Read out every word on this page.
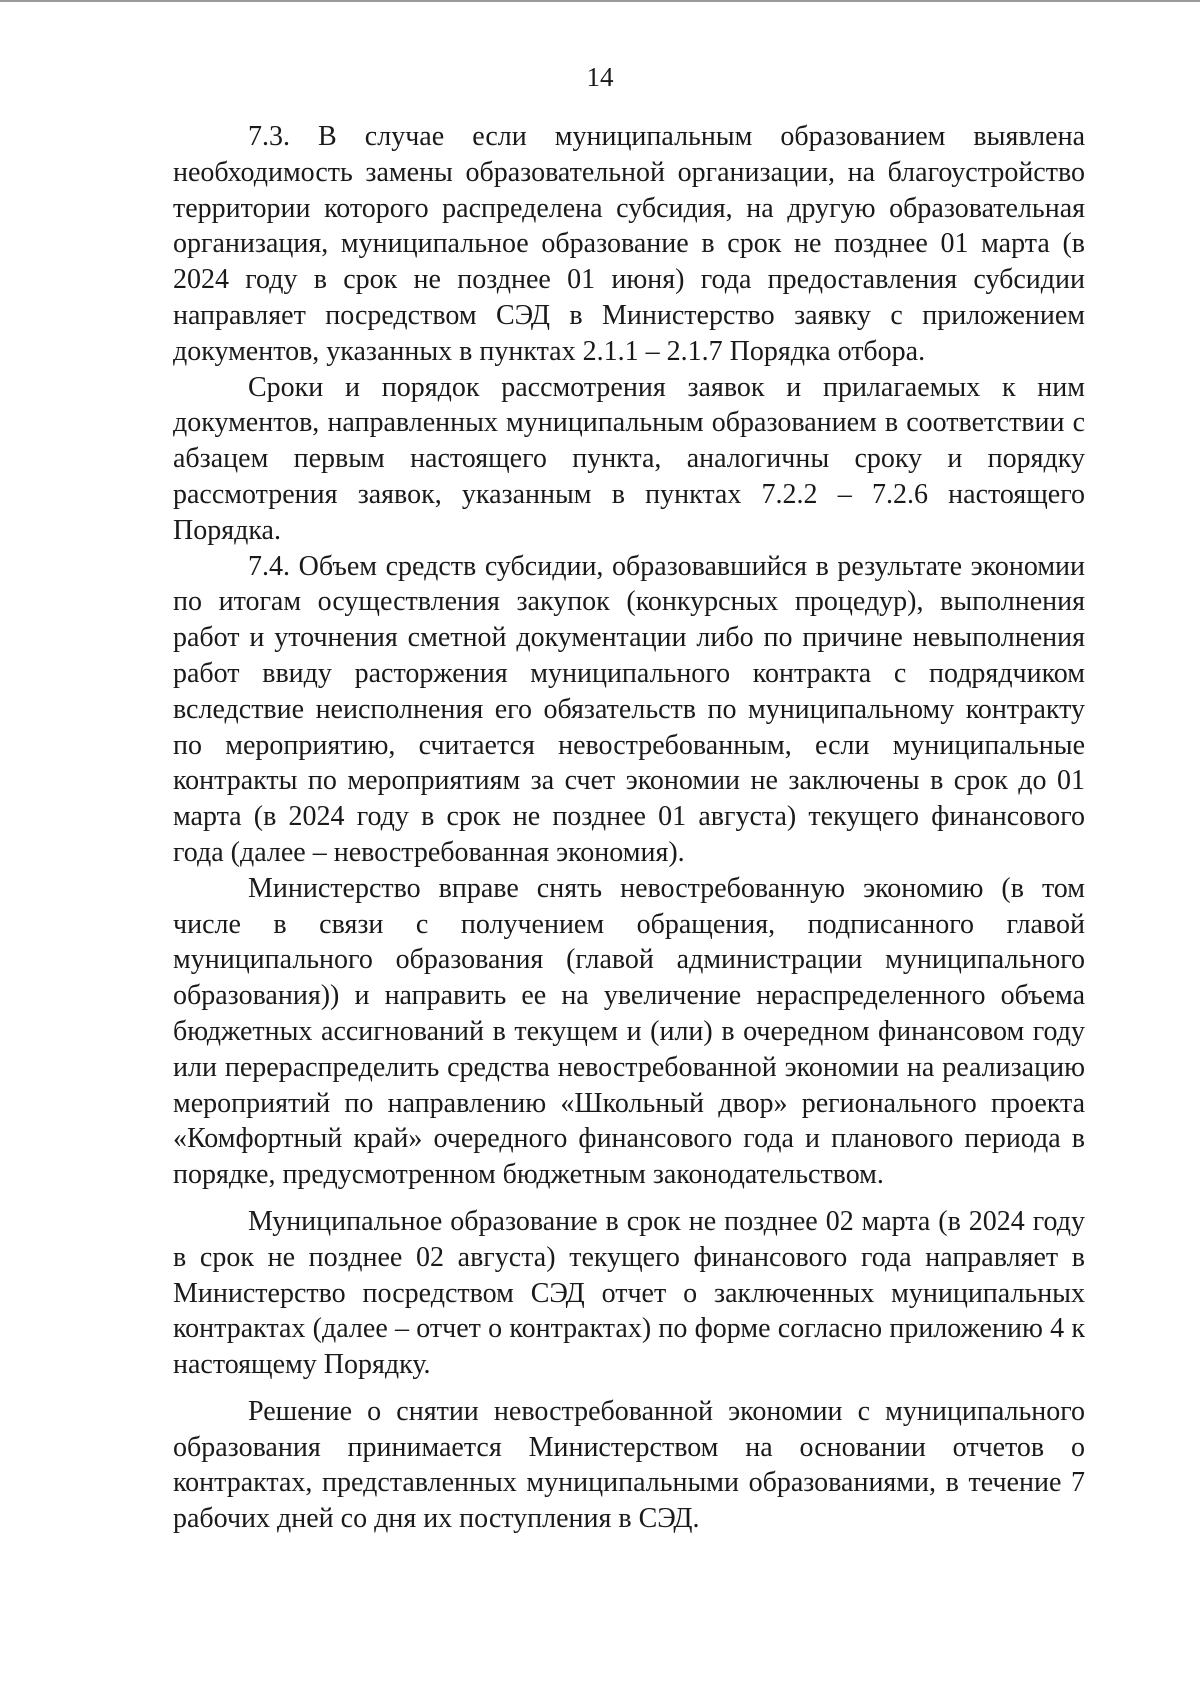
14

7.3. В случае если муниципальным образованием выявлена необходимость замены образовательной организации, на благоустройство территории которого распределена субсидия, на другую образовательная организация, муниципальное образование в срок не позднее 01 марта (в 2024 году в срок не позднее 01 июня) года предоставления субсидии направляет посредством СЭД в Министерство заявку с приложением документов, указанных в пунктах 2.1.1 – 2.1.7 Порядка отбора.

Сроки и порядок рассмотрения заявок и прилагаемых к ним документов, направленных муниципальным образованием в соответствии с абзацем первым настоящего пункта, аналогичны сроку и порядку рассмотрения заявок, указанным в пунктах 7.2.2 – 7.2.6 настоящего Порядка.

7.4. Объем средств субсидии, образовавшийся в результате экономии по итогам осуществления закупок (конкурсных процедур), выполнения работ и уточнения сметной документации либо по причине невыполнения работ ввиду расторжения муниципального контракта с подрядчиком вследствие неисполнения его обязательств по муниципальному контракту по мероприятию, считается невостребованным, если муниципальные контракты по мероприятиям за счет экономии не заключены в срок до 01 марта (в 2024 году в срок не позднее 01 августа) текущего финансового года (далее – невостребованная экономия).

Министерство вправе снять невостребованную экономию (в том числе в связи с получением обращения, подписанного главой муниципального образования (главой администрации муниципального образования)) и направить ее на увеличение нераспределенного объема бюджетных ассигнований в текущем и (или) в очередном финансовом году или перераспределить средства невостребованной экономии на реализацию мероприятий по направлению «Школьный двор» регионального проекта «Комфортный край» очередного финансового года и планового периода в порядке, предусмотренном бюджетным законодательством.

Муниципальное образование в срок не позднее 02 марта (в 2024 году в срок не позднее 02 августа) текущего финансового года направляет в Министерство посредством СЭД отчет о заключенных муниципальных контрактах (далее – отчет о контрактах) по форме согласно приложению 4 к настоящему Порядку.

Решение о снятии невостребованной экономии с муниципального образования принимается Министерством на основании отчетов о контрактах, представленных муниципальными образованиями, в течение 7 рабочих дней со дня их поступления в СЭД.
